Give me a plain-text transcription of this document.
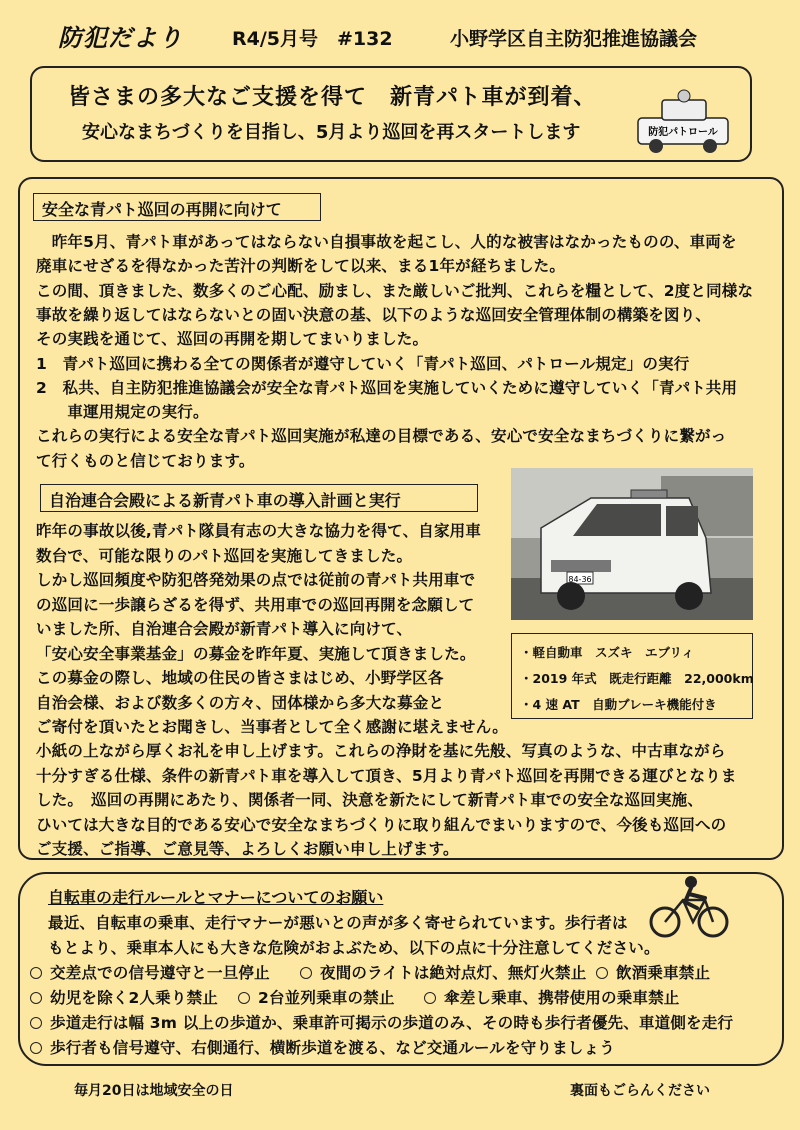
防犯だより	R4/5月号　#132	小野学区自主防犯推進協議会
皆さまの多大なご支援を得て　新青パト車が到着、
安心なまちづくりを目指し、5月より巡回を再スタートします	防犯パトロール
安全な青パト巡回の再開に向けて
　昨年5月、青パト車があってはならない自損事故を起こし、人的な被害はなかったものの、車両を
廃車にせざるを得なかった苦汁の判断をして以来、まる1年が経ちました。
この間、頂きました、数多くのご心配、励まし、また厳しいご批判、これらを糧として、2度と同様な
事故を繰り返してはならないとの固い決意の基、以下のような巡回安全管理体制の構築を図り、
その実践を通じて、巡回の再開を期してまいりました。
1　青パト巡回に携わる全ての関係者が遵守していく「青パト巡回、パトロール規定」の実行
2　私共、自主防犯推進協議会が安全な青パト巡回を実施していくために遵守していく「青パト共用
　　車運用規定の実行。
これらの実行による安全な青パト巡回実施が私達の目標である、安心で安全なまちづくりに繋がっ
て行くものと信じております。
自治連合会殿による新青パト車の導入計画と実行
昨年の事故以後,青パト隊員有志の大きな協力を得て、自家用車
数台で、可能な限りのパト巡回を実施してきました。
しかし巡回頻度や防犯啓発効果の点では従前の青パト共用車で
の巡回に一歩譲らざるを得ず、共用車での巡回再開を念願して
いました所、自治連合会殿が新青パト導入に向けて、
「安心安全事業基金」の募金を昨年夏、実施して頂きました。
この募金の際し、地域の住民の皆さまはじめ、小野学区各
自治会様、および数多くの方々、団体様から多大な募金と
ご寄付を頂いたとお聞きし、当事者として全く感謝に堪えません。
小紙の上ながら厚くお礼を申し上げます。これらの浄財を基に先般、写真のような、中古車ながら
十分すぎる仕様、条件の新青パト車を導入して頂き、5月より青パト巡回を再開できる運びとなりま
した。　巡回の再開にあたり、関係者一同、決意を新たにして新青パト車での安全な巡回実施、
ひいては大きな目的である安心で安全なまちづくりに取り組んでまいりますので、今後も巡回への
ご支援、ご指導、ご意見等、よろしくお願い申し上げます。
84-36
・軽自動車　スズキ　エブリィ
・2019 年式　既走行距離　22,000km
・4 速 AT　自動ブレーキ機能付き
自転車の走行ルールとマナーについてのお願い
最近、自転車の乗車、走行マナーが悪いとの声が多く寄せられています。歩行者は
もとより、乗車本人にも大きな危険がおよぶため、以下の点に十分注意してください。
交差点での信号遵守と一旦停止	夜間のライトは絶対点灯、無灯火禁止	飲酒乗車禁止
幼児を除く2人乗り禁止	2台並列乗車の禁止	傘差し乗車、携帯使用の乗車禁止
歩道走行は幅 3m 以上の歩道か、乗車許可掲示の歩道のみ、その時も歩行者優先、車道側を走行
歩行者も信号遵守、右側通行、横断歩道を渡る、など交通ルールを守りましょう
毎月20日は地域安全の日	裏面もごらんください
